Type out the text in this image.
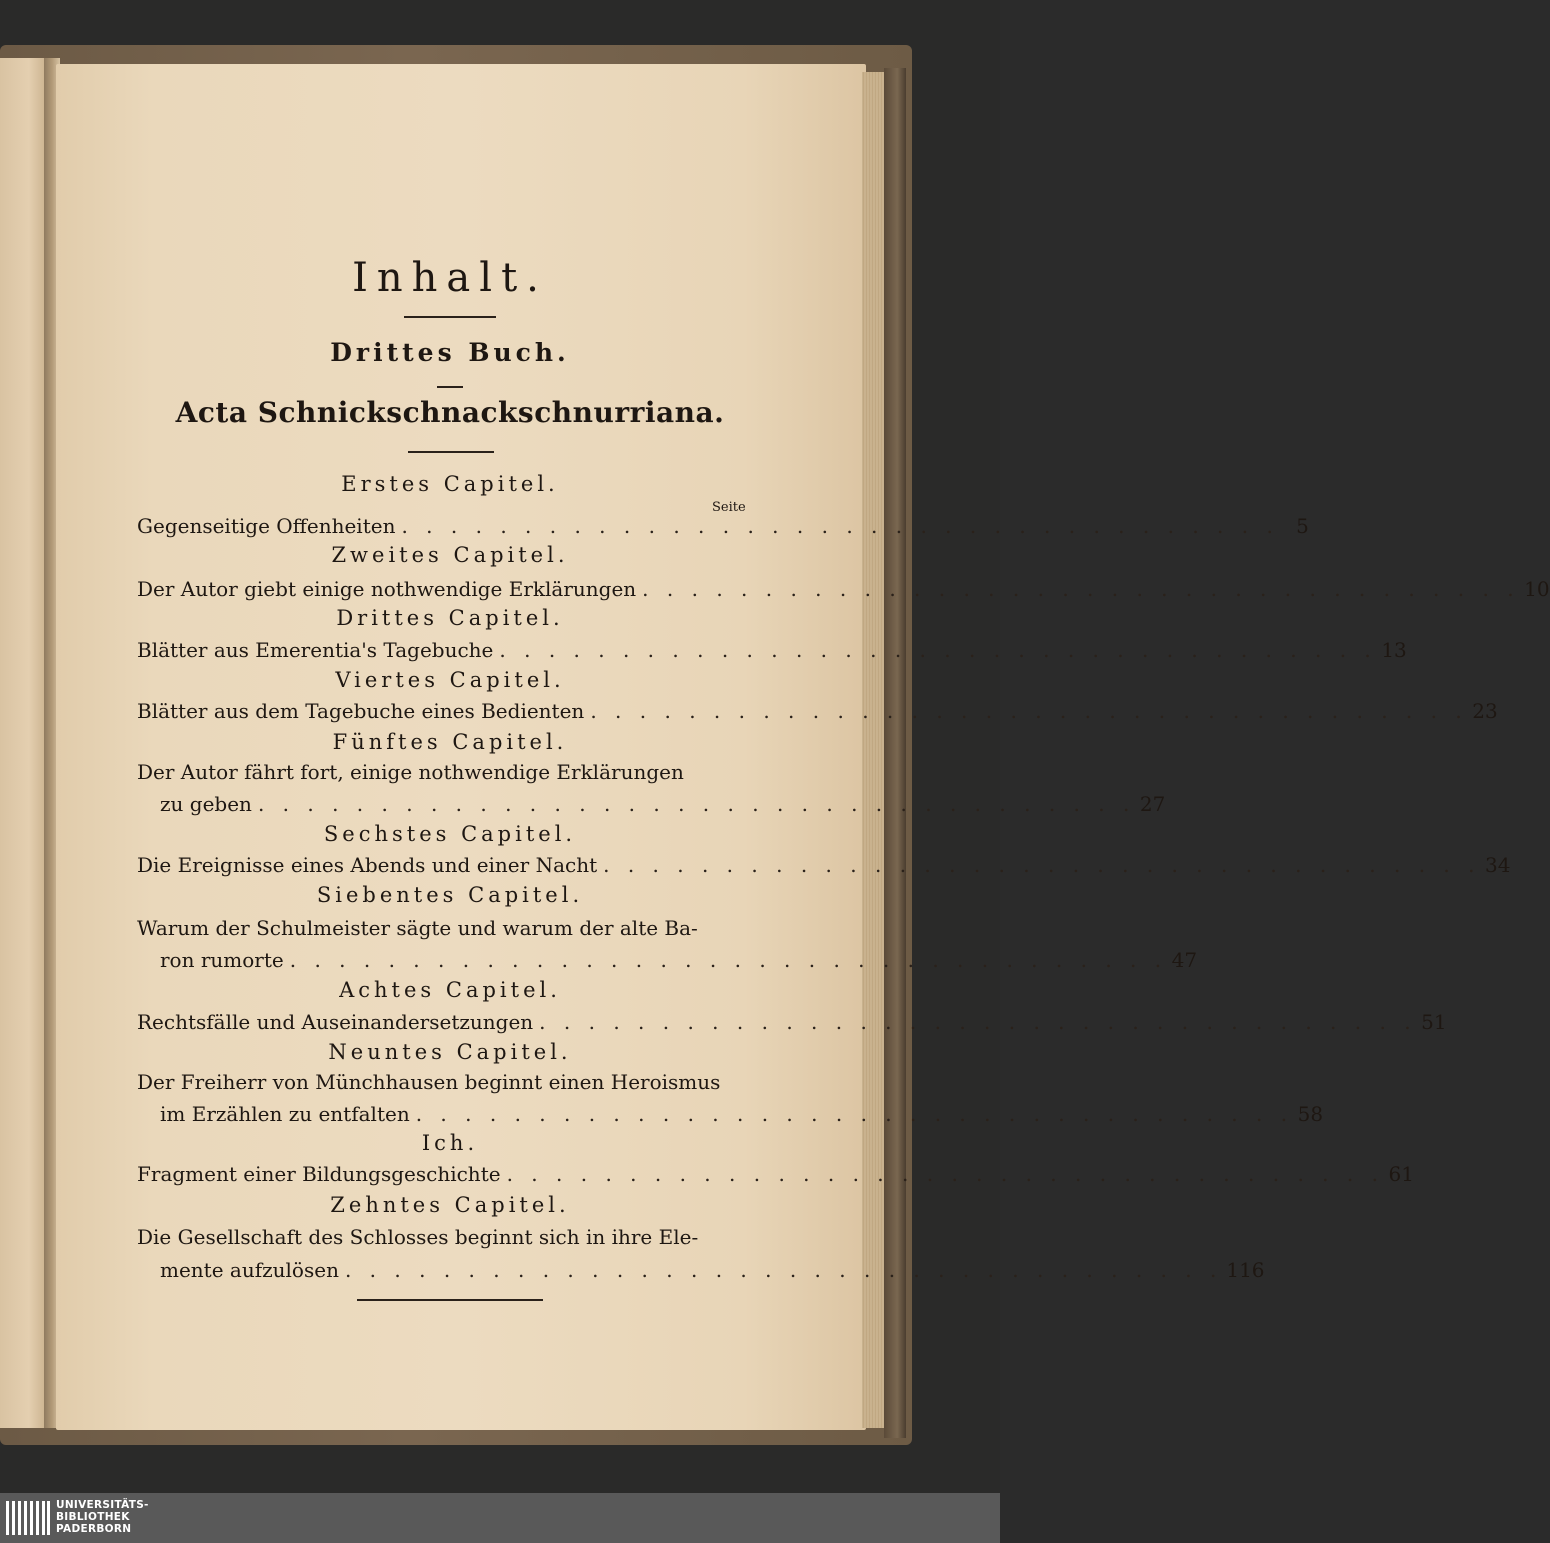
Inhalt.
Drittes Buch.
Acta Schnickschnackschnurriana.
Seite
Erstes Capitel.
Gegenseitige Offenheiten . . . . . . . . . . . . . . . . . . . . . . . . . . . . . . . . . . . . 5
Zweites Capitel.
Der Autor giebt einige nothwendige Erklärungen . . . . . . . . . . . . . . . . . . . . . . . . . . . . . . . . . . . . 10
Drittes Capitel.
Blätter aus Emerentia's Tagebuche . . . . . . . . . . . . . . . . . . . . . . . . . . . . . . . . . . . . 13
Viertes Capitel.
Blätter aus dem Tagebuche eines Bedienten . . . . . . . . . . . . . . . . . . . . . . . . . . . . . . . . . . . . 23
Fünftes Capitel.
Der Autor fährt fort, einige nothwendige Erklärungen
zu geben . . . . . . . . . . . . . . . . . . . . . . . . . . . . . . . . . . . . 27
Sechstes Capitel.
Die Ereignisse eines Abends und einer Nacht . . . . . . . . . . . . . . . . . . . . . . . . . . . . . . . . . . . . 34
Siebentes Capitel.
Warum der Schulmeister sägte und warum der alte Ba-
ron rumorte . . . . . . . . . . . . . . . . . . . . . . . . . . . . . . . . . . . . 47
Achtes Capitel.
Rechtsfälle und Auseinandersetzungen . . . . . . . . . . . . . . . . . . . . . . . . . . . . . . . . . . . . 51
Neuntes Capitel.
Der Freiherr von Münchhausen beginnt einen Heroismus
im Erzählen zu entfalten . . . . . . . . . . . . . . . . . . . . . . . . . . . . . . . . . . . . 58
Ich.
Fragment einer Bildungsgeschichte . . . . . . . . . . . . . . . . . . . . . . . . . . . . . . . . . . . . 61
Zehntes Capitel.
Die Gesellschaft des Schlosses beginnt sich in ihre Ele-
mente aufzulösen . . . . . . . . . . . . . . . . . . . . . . . . . . . . . . . . . . . . 116
UNIVERSITÄTS-
BIBLIOTHEK
PADERBORN
